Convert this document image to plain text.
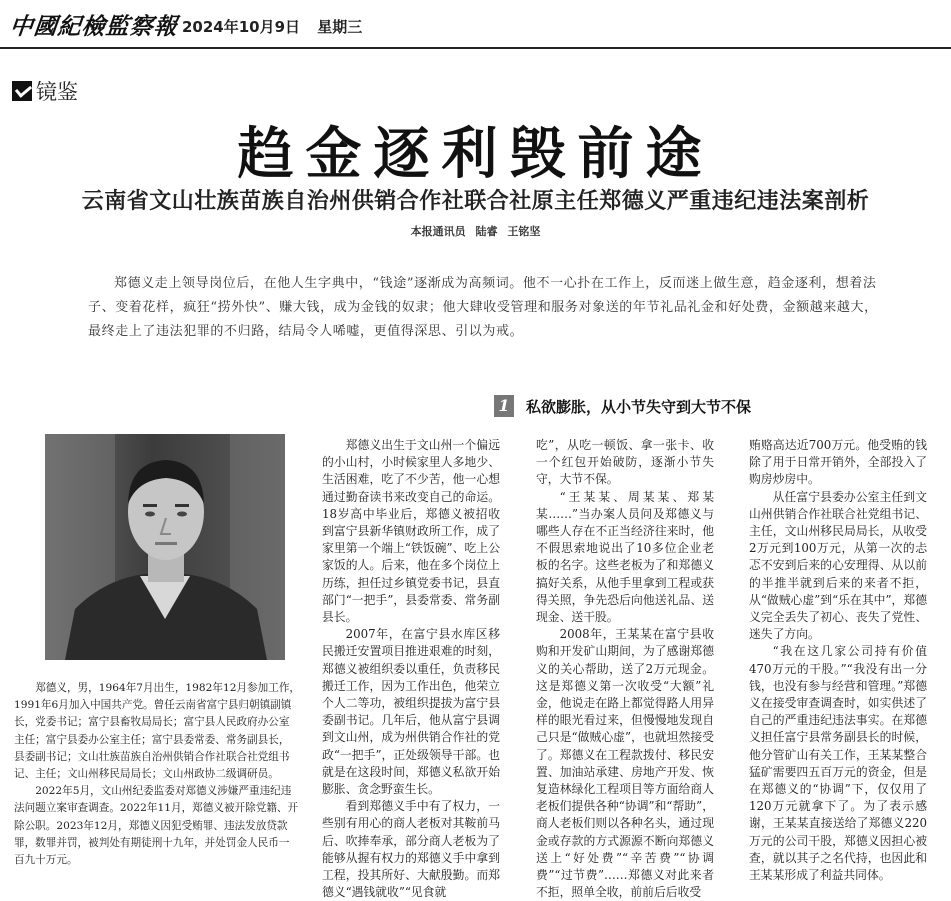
中國紀檢監察報 2024年10月9日 星期三
镜鉴
趋金逐利毁前途
云南省文山壮族苗族自治州供销合作社联合社原主任郑德义严重违纪违法案剖析
本报通讯员 陆睿 王铭坚

郑德义走上领导岗位后，在他人生字典中，“钱途”逐渐成为高频词。他不一心扑在工作上，反而迷上做生意，趋金逐利，想着法子、变着花样，疯狂“捞外快”、赚大钱，成为金钱的奴隶；他大肆收受管理和服务对象送的年节礼品礼金和好处费，金额越来越大，最终走上了违法犯罪的不归路，结局令人唏嘘，更值得深思、引以为戒。

1 私欲膨胀，从小节失守到大节不保

郑德义，男，1964年7月出生，1982年12月参加工作，1991年6月加入中国共产党。曾任云南省富宁县归朝镇副镇长，党委书记；富宁县畜牧局局长；富宁县人民政府办公室主任；富宁县委办公室主任；富宁县委常委、常务副县长，县委副书记；文山壮族苗族自治州供销合作社联合社党组书记、主任；文山州移民局局长；文山州政协二级调研员。

2022年5月，文山州纪委监委对郑德义涉嫌严重违纪违法问题立案审查调查。2022年11月，郑德义被开除党籍、开除公职。2023年12月，郑德义因犯受贿罪、违法发放贷款罪，数罪并罚，被判处有期徒刑十九年，并处罚金人民币一百九十万元。

郑德义出生于文山州一个偏远的小山村，小时候家里人多地少、生活困难，吃了不少苦，他一心想通过勤奋读书来改变自己的命运。18岁高中毕业后，郑德义被招收到富宁县新华镇财政所工作，成了家里第一个端上“铁饭碗”、吃上公家饭的人。后来，他在多个岗位上历练，担任过乡镇党委书记，县直部门“一把手”，县委常委、常务副县长。

2007年，在富宁县水库区移民搬迁安置项目推进艰难的时刻，郑德义被组织委以重任，负责移民搬迁工作，因为工作出色，他荣立个人二等功，被组织提拔为富宁县委副书记。几年后，他从富宁县调到文山州，成为州供销合作社的党政“一把手”，正处级领导干部。也就是在这段时间，郑德义私欲开始膨胀、贪念野蛮生长。

看到郑德义手中有了权力，一些别有用心的商人老板对其鞍前马后、吹捧奉承，部分商人老板为了能够从握有权力的郑德义手中拿到工程，投其所好、大献殷勤。而郑德义“遇钱就收”“见食就

吃”，从吃一顿饭、拿一张卡、收一个红包开始破防，逐渐小节失守，大节不保。

“王某某、周某某、郑某某……”当办案人员问及郑德义与哪些人存在不正当经济往来时，他不假思索地说出了10多位企业老板的名字。这些老板为了和郑德义搞好关系，从他手里拿到工程或获得关照，争先恐后向他送礼品、送现金、送干股。

2008年，王某某在富宁县收购和开发矿山期间，为了感谢郑德义的关心帮助，送了2万元现金。这是郑德义第一次收受“大额”礼金，他说走在路上都觉得路人用异样的眼光看过来，但慢慢地发现自己只是“做贼心虚”，也就坦然接受了。郑德义在工程款拨付、移民安置、加油站承建、房地产开发、恢复造林绿化工程项目等方面给商人老板们提供各种“协调”和“帮助”，商人老板们则以各种名头，通过现金或存款的方式源源不断向郑德义送上“好处费”“辛苦费”“协调费”“过节费”……郑德义对此来者不拒，照单全收，前前后后收受

贿赂高达近700万元。他受贿的钱除了用于日常开销外，全部投入了购房炒房中。

从任富宁县委办公室主任到文山州供销合作社联合社党组书记、主任，文山州移民局局长，从收受2万元到100万元，从第一次的忐忑不安到后来的心安理得、从以前的半推半就到后来的来者不拒，从“做贼心虚”到“乐在其中”，郑德义完全丢失了初心、丧失了党性、迷失了方向。

“我在这几家公司持有价值470万元的干股。”“我没有出一分钱，也没有参与经营和管理。”郑德义在接受审查调查时，如实供述了自己的严重违纪违法事实。在郑德义担任富宁县常务副县长的时候，他分管矿山有关工作，王某某整合猛矿需要四五百万元的资金，但是在郑德义的“协调”下，仅仅用了120万元就拿下了。为了表示感谢，王某某直接送给了郑德义220万元的公司干股，郑德义因担心被查，就以其子之名代持，也因此和王某某形成了利益共同体。
